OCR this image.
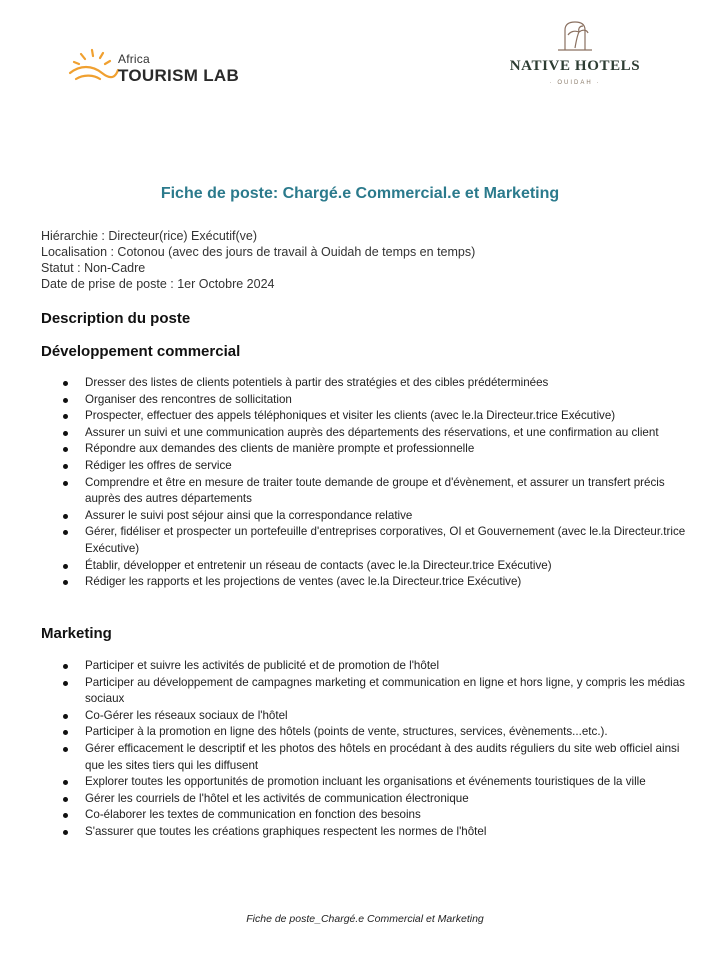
Africa
TOURISM LAB	NATIVE HOTELS
· OUIDAH ·
Fiche de poste: Chargé.e Commercial.e et Marketing
Hiérarchie : Directeur(rice) Exécutif(ve)
Localisation : Cotonou (avec des jours de travail à Ouidah de temps en temps)
Statut : Non-Cadre
Date de prise de poste : 1er Octobre 2024
Description du poste
Développement commercial
Dresser des listes de clients potentiels à partir des stratégies et des cibles prédéterminées
Organiser des rencontres de sollicitation
Prospecter, effectuer des appels téléphoniques et visiter les clients (avec le.la Directeur.trice Exécutive)
Assurer un suivi et une communication auprès des départements des réservations, et une confirmation au client
Répondre aux demandes des clients de manière prompte et professionnelle
Rédiger les offres de service
Comprendre et être en mesure de traiter toute demande de groupe et d'évènement, et assurer un transfert précis auprès des autres départements
Assurer le suivi post séjour ainsi que la correspondance relative
Gérer, fidéliser et prospecter un portefeuille d'entreprises corporatives, OI et Gouvernement (avec le.la Directeur.trice Exécutive)
Établir, développer et entretenir un réseau de contacts (avec le.la Directeur.trice Exécutive)
Rédiger les rapports et les projections de ventes (avec le.la Directeur.trice Exécutive)
Marketing
Participer et suivre les activités de publicité et de promotion de l'hôtel
Participer au développement de campagnes marketing et communication en ligne et hors ligne, y compris les médias sociaux
Co-Gérer les réseaux sociaux de l'hôtel
Participer à la promotion en ligne des hôtels (points de vente, structures, services, évènements...etc.).
Gérer efficacement le descriptif et les photos des hôtels en procédant à des audits réguliers du site web officiel ainsi que les sites tiers qui les diffusent
Explorer toutes les opportunités de promotion incluant les organisations et événements touristiques de la ville
Gérer les courriels de l'hôtel et les activités de communication électronique
Co-élaborer les textes de communication en fonction des besoins
S'assurer que toutes les créations graphiques respectent les normes de l'hôtel
Fiche de poste_Chargé.e Commercial et Marketing
